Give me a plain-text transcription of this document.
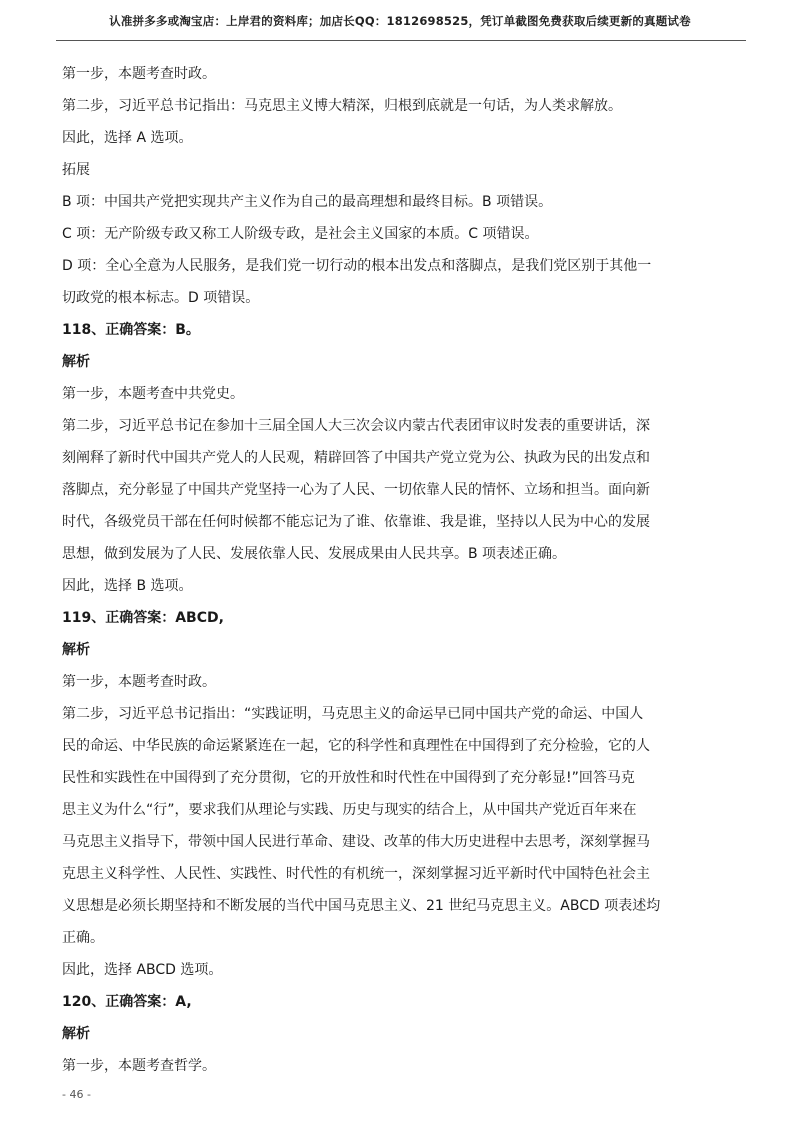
认准拼多多或淘宝店：上岸君的资料库；加店长QQ：1812698525，凭订单截图免费获取后续更新的真题试卷
第一步，本题考查时政。
第二步，习近平总书记指出：马克思主义博大精深，归根到底就是一句话，为人类求解放。
因此，选择 A 选项。
拓展
B 项：中国共产党把实现共产主义作为自己的最高理想和最终目标。B 项错误。
C 项：无产阶级专政又称工人阶级专政，是社会主义国家的本质。C 项错误。
D 项：全心全意为人民服务，是我们党一切行动的根本出发点和落脚点，是我们党区别于其他一
切政党的根本标志。D 项错误。
118、正确答案：B。
解析
第一步，本题考查中共党史。
第二步，习近平总书记在参加十三届全国人大三次会议内蒙古代表团审议时发表的重要讲话，深
刻阐释了新时代中国共产党人的人民观，精辟回答了中国共产党立党为公、执政为民的出发点和
落脚点，充分彰显了中国共产党坚持一心为了人民、一切依靠人民的情怀、立场和担当。面向新
时代，各级党员干部在任何时候都不能忘记为了谁、依靠谁、我是谁，坚持以人民为中心的发展
思想，做到发展为了人民、发展依靠人民、发展成果由人民共享。B 项表述正确。
因此，选择 B 选项。
119、正确答案：ABCD,
解析
第一步，本题考查时政。
第二步，习近平总书记指出：“实践证明，马克思主义的命运早已同中国共产党的命运、中国人
民的命运、中华民族的命运紧紧连在一起，它的科学性和真理性在中国得到了充分检验，它的人
民性和实践性在中国得到了充分贯彻，它的开放性和时代性在中国得到了充分彰显!”回答马克
思主义为什么“行”，要求我们从理论与实践、历史与现实的结合上，从中国共产党近百年来在
马克思主义指导下，带领中国人民进行革命、建设、改革的伟大历史进程中去思考，深刻掌握马
克思主义科学性、人民性、实践性、时代性的有机统一，深刻掌握习近平新时代中国特色社会主
义思想是必须长期坚持和不断发展的当代中国马克思主义、21 世纪马克思主义。ABCD 项表述均
正确。
因此，选择 ABCD 选项。
120、正确答案：A,
解析
第一步，本题考查哲学。
- 46 -
